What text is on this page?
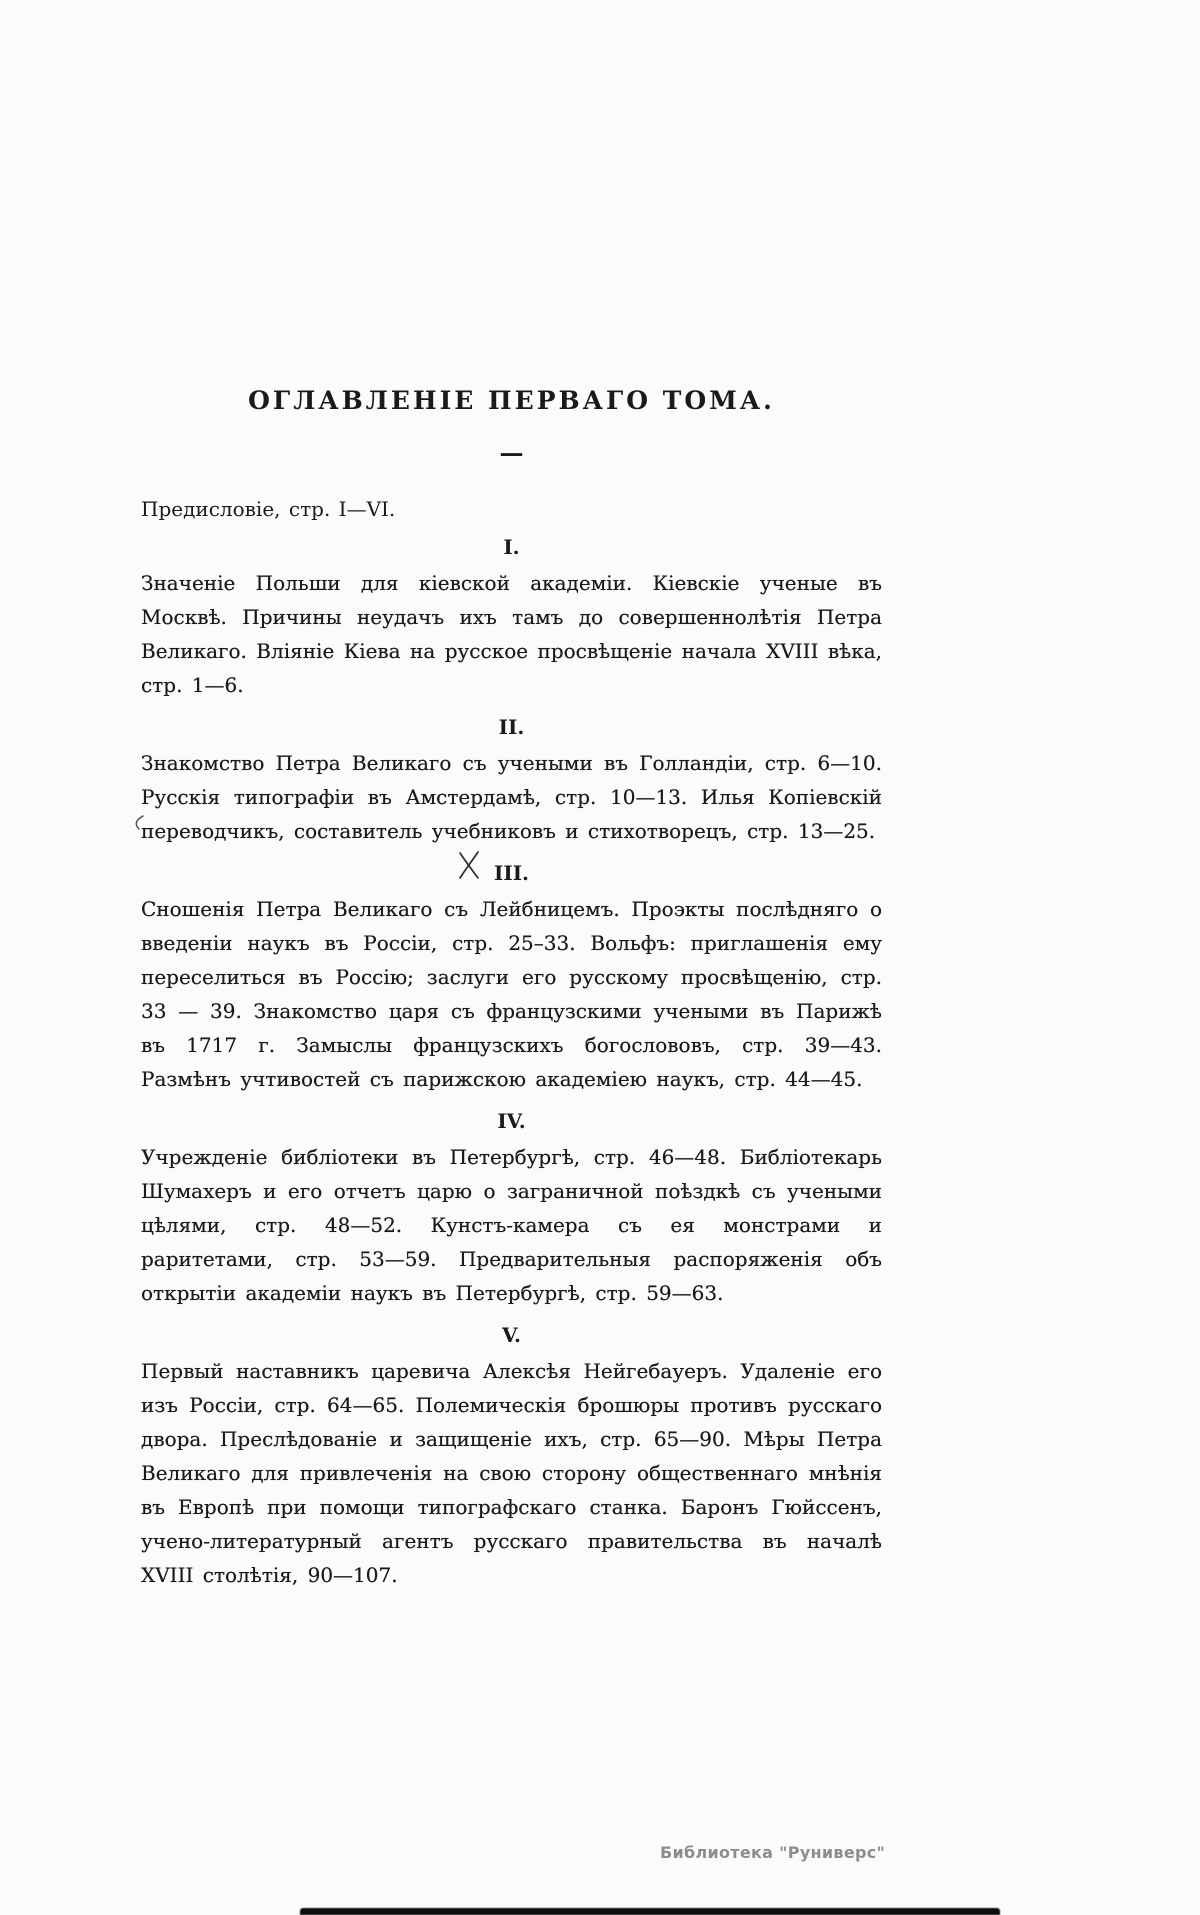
ОГЛАВЛЕНІЕ ПЕРВАГО ТОМА.
—

Предисловіе, стр. I—VI.

I.

Значеніе Польши для кіевской академіи. Кіевскіе ученые въ Москвѣ. Причины неудачъ ихъ тамъ до совершеннолѣтія Петра Великаго. Вліяніе Кіева на русское просвѣщеніе начала XVIII вѣка, стр. 1—6.

II.

Знакомство Петра Великаго съ учеными въ Голландіи, стр. 6—10. Русскія типографіи въ Амстердамѣ, стр. 10—13. Илья Копіевскій переводчикъ, составитель учебниковъ и стихотворецъ, стр. 13—25.

III.

Сношенія Петра Великаго съ Лейбницемъ. Проэкты послѣдняго о введеніи наукъ въ Россіи, стр. 25–33. Вольфъ: приглашенія ему переселиться въ Россію; заслуги его русскому просвѣщенію, стр. 33 — 39. Знакомство царя съ французскими учеными въ Парижѣ въ 1717 г. Замыслы французскихъ богослововъ, стр. 39—43. Размѣнъ учтивостей съ парижскою академіею наукъ, стр. 44—45.

IV.

Учрежденіе библіотеки въ Петербургѣ, стр. 46—48. Библіотекарь Шумахеръ и его отчетъ царю о заграничной поѣздкѣ съ учеными цѣлями, стр. 48—52. Кунстъ-камера съ ея монстрами и раритетами, стр. 53—59. Предварительныя распоряженія объ открытіи академіи наукъ въ Петербургѣ, стр. 59—63.

V.

Первый наставникъ царевича Алексѣя Нейгебауеръ. Удаленіе его изъ Россіи, стр. 64—65. Полемическія брошюры противъ русскаго двора. Преслѣдованіе и защищеніе ихъ, стр. 65—90. Мѣры Петра Великаго для привлеченія на свою сторону общественнаго мнѣнія въ Европѣ при помощи типографскаго станка. Баронъ Гюйссенъ, учено-литературный агентъ русскаго правительства въ началѣ XVIII столѣтія, 90—107.

Библиотека "Руниверс"
